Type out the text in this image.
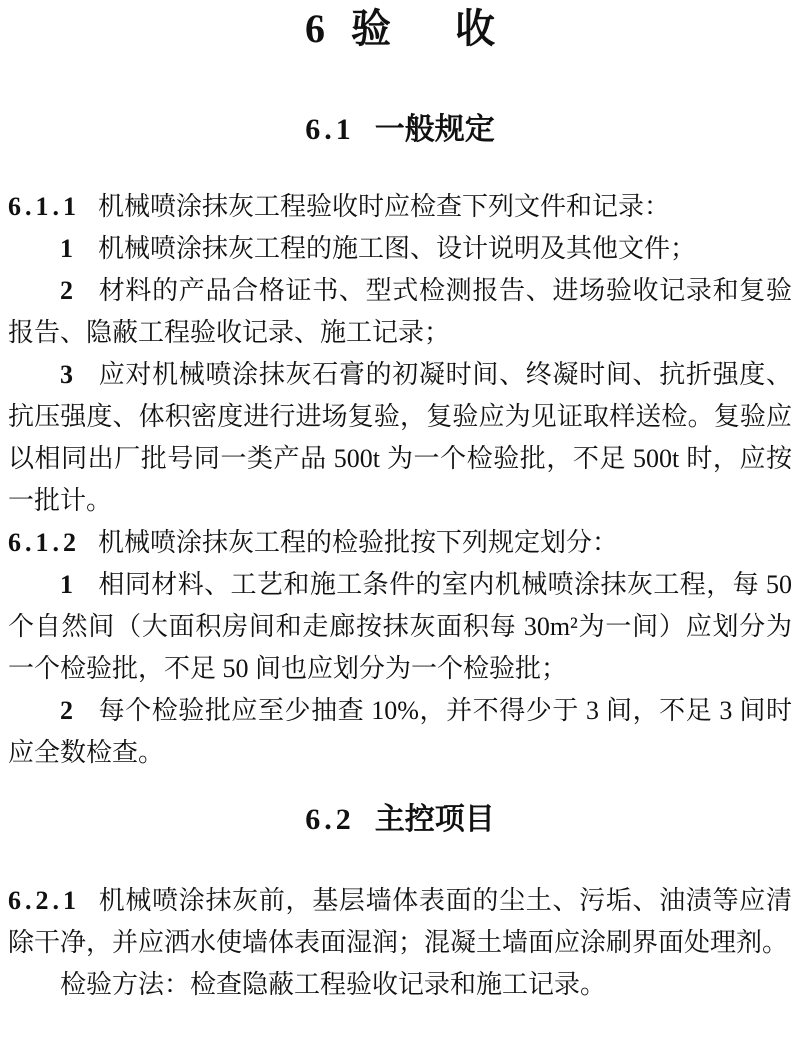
6 验收
6.1 一般规定

6.1.1 机械喷涂抹灰工程验收时应检查下列文件和记录：

1 机械喷涂抹灰工程的施工图、设计说明及其他文件；

2 材料的产品合格证书、型式检测报告、进场验收记录和复验报告、隐蔽工程验收记录、施工记录；

3 应对机械喷涂抹灰石膏的初凝时间、终凝时间、抗折强度、抗压强度、体积密度进行进场复验，复验应为见证取样送检。复验应以相同出厂批号同一类产品 500t 为一个检验批，不足 500t 时，应按一批计。

6.1.2 机械喷涂抹灰工程的检验批按下列规定划分：

1 相同材料、工艺和施工条件的室内机械喷涂抹灰工程，每 50 个自然间（大面积房间和走廊按抹灰面积每 30m²为一间）应划分为一个检验批，不足 50 间也应划分为一个检验批；

2 每个检验批应至少抽查 10%，并不得少于 3 间，不足 3 间时应全数检查。

6.2 主控项目

6.2.1 机械喷涂抹灰前，基层墙体表面的尘土、污垢、油渍等应清除干净，并应洒水使墙体表面湿润；混凝土墙面应涂刷界面处理剂。

检验方法：检查隐蔽工程验收记录和施工记录。
